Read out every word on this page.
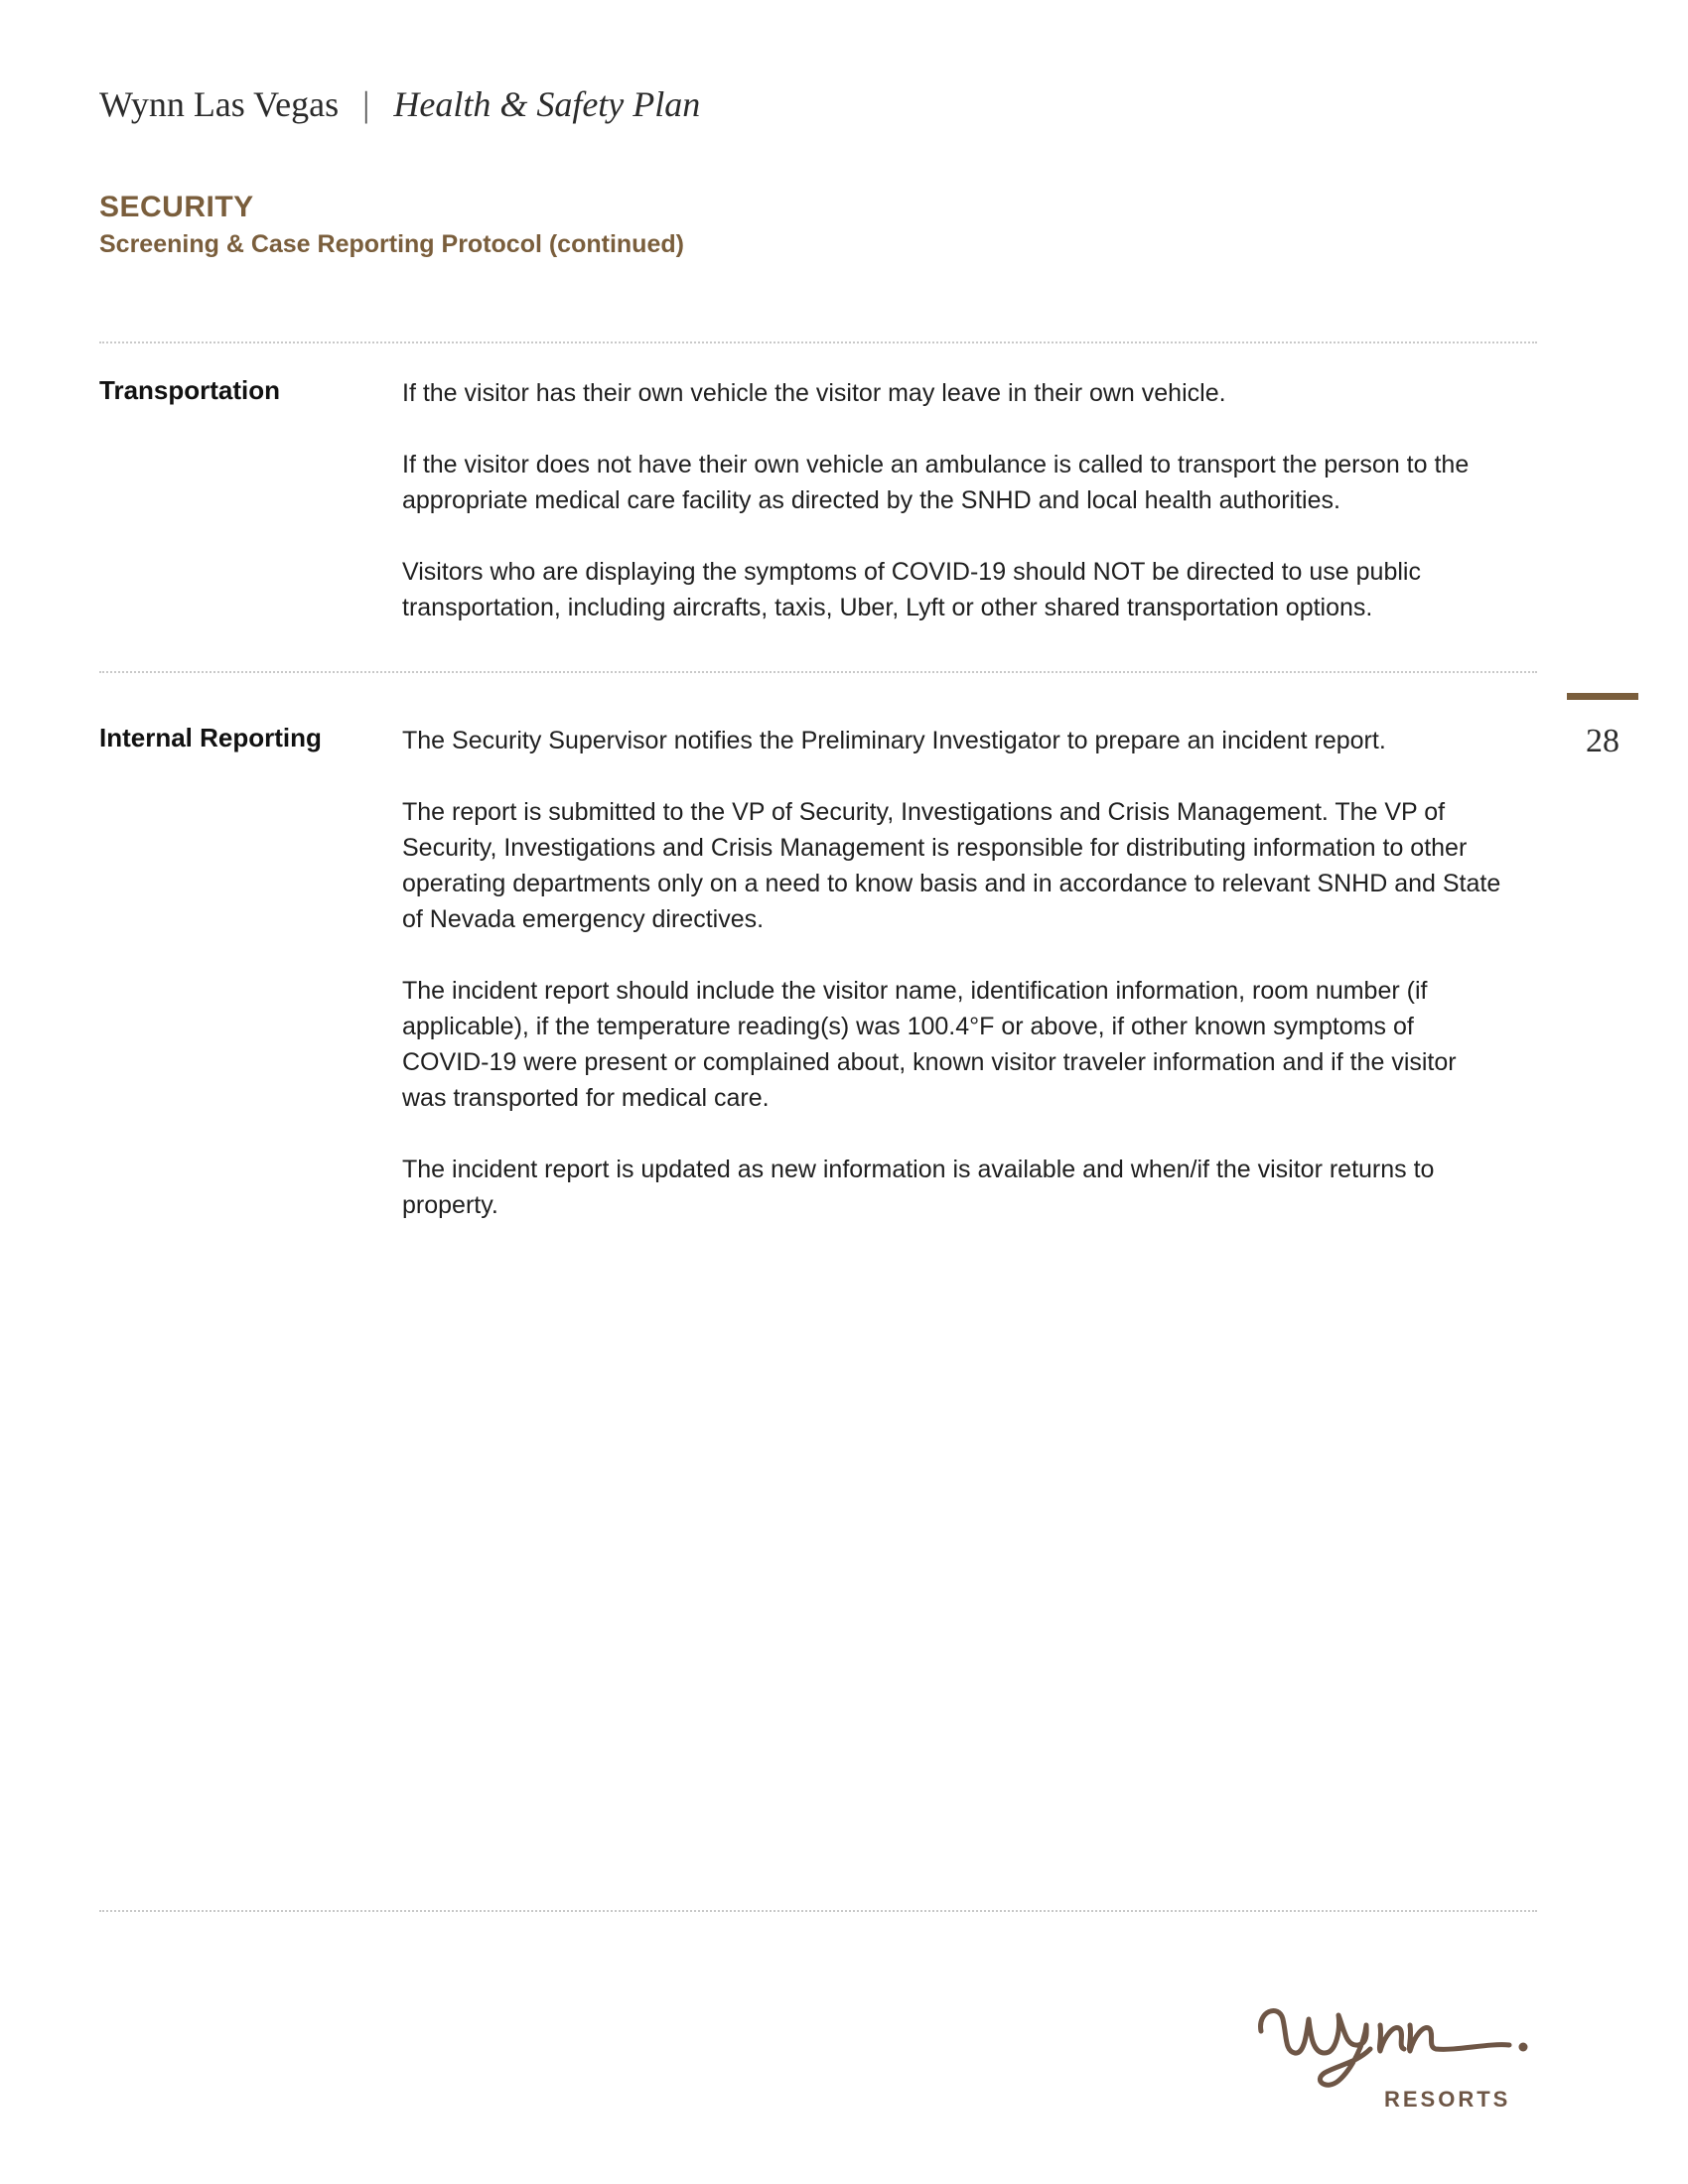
Wynn Las Vegas | Health & Safety Plan
SECURITY
Screening & Case Reporting Protocol (continued)
Transportation	If the visitor has their own vehicle the visitor may leave in their own vehicle.

If the visitor does not have their own vehicle an ambulance is called to transport the person to the appropriate medical care facility as directed by the SNHD and local health authorities.

Visitors who are displaying the symptoms of COVID-19 should NOT be directed to use public transportation, including aircrafts, taxis, Uber, Lyft or other shared transportation options.

Internal Reporting	The Security Supervisor notifies the Preliminary Investigator to prepare an incident report.

The report is submitted to the VP of Security, Investigations and Crisis Management. The VP of Security, Investigations and Crisis Management is responsible for distributing information to other operating departments only on a need to know basis and in accordance to relevant SNHD and State of Nevada emergency directives.

The incident report should include the visitor name, identification information, room number (if applicable), if the temperature reading(s) was 100.4°F or above, if other known symptoms of COVID-19 were present or complained about, known visitor traveler information and if the visitor was transported for medical care.

The incident report is updated as new information is available and when/if the visitor returns to property.

28
RESORTS
